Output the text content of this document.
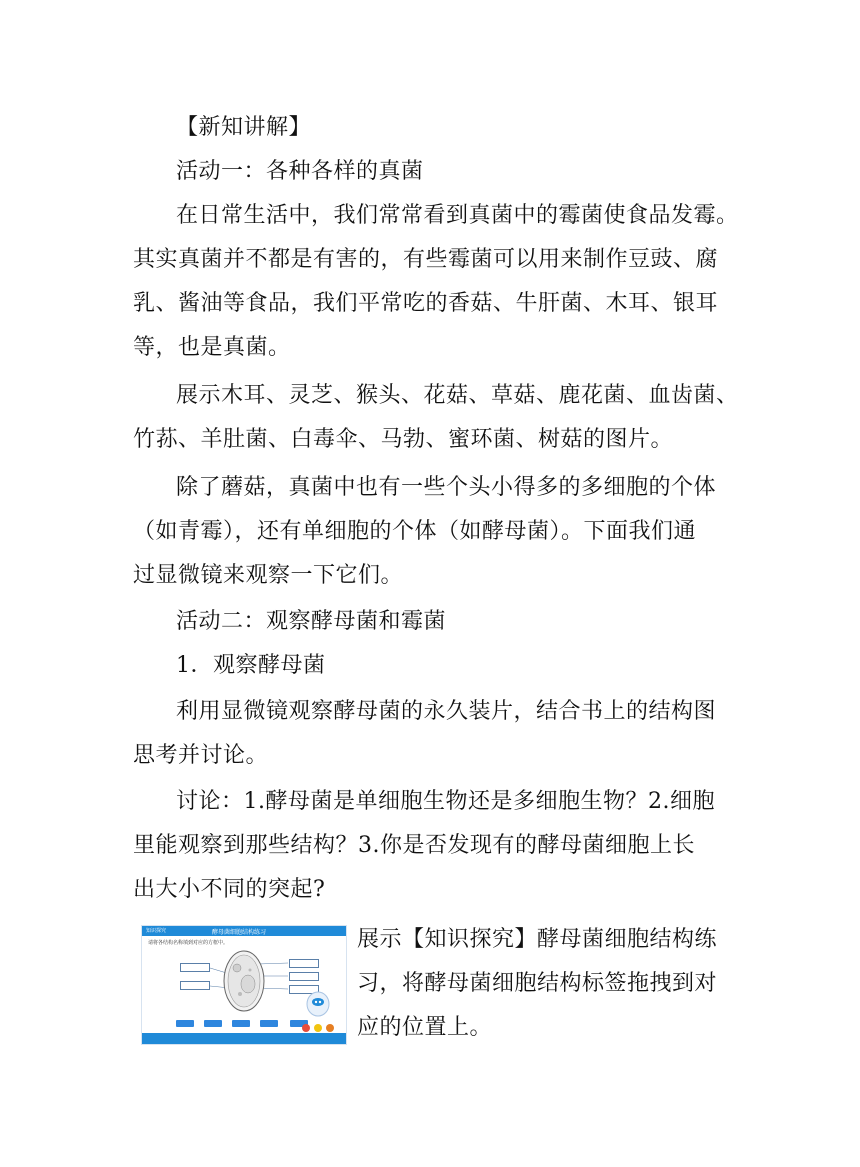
【新知讲解】
活动一：各种各样的真菌
在日常生活中，我们常常看到真菌中的霉菌使食品发霉。
其实真菌并不都是有害的，有些霉菌可以用来制作豆豉、腐
乳、酱油等食品，我们平常吃的香菇、牛肝菌、木耳、银耳
等，也是真菌。
展示木耳、灵芝、猴头、花菇、草菇、鹿花菌、血齿菌、
竹荪、羊肚菌、白毒伞、马勃、蜜环菌、树菇的图片。
除了蘑菇，真菌中也有一些个头小得多的多细胞的个体
（如青霉），还有单细胞的个体（如酵母菌）。下面我们通
过显微镜来观察一下它们。
活动二：观察酵母菌和霉菌
1．观察酵母菌
利用显微镜观察酵母菌的永久装片，结合书上的结构图
思考并讨论。
讨论：1.酵母菌是单细胞生物还是多细胞生物？2.细胞
里能观察到那些结构？3.你是否发现有的酵母菌细胞上长
出大小不同的突起?
展示【知识探究】酵母菌细胞结构练
习，将酵母菌细胞结构标签拖拽到对
应的位置上。
知识探究	酵母菌细胞结构练习
请将各结构名称填到对应的方框中。
